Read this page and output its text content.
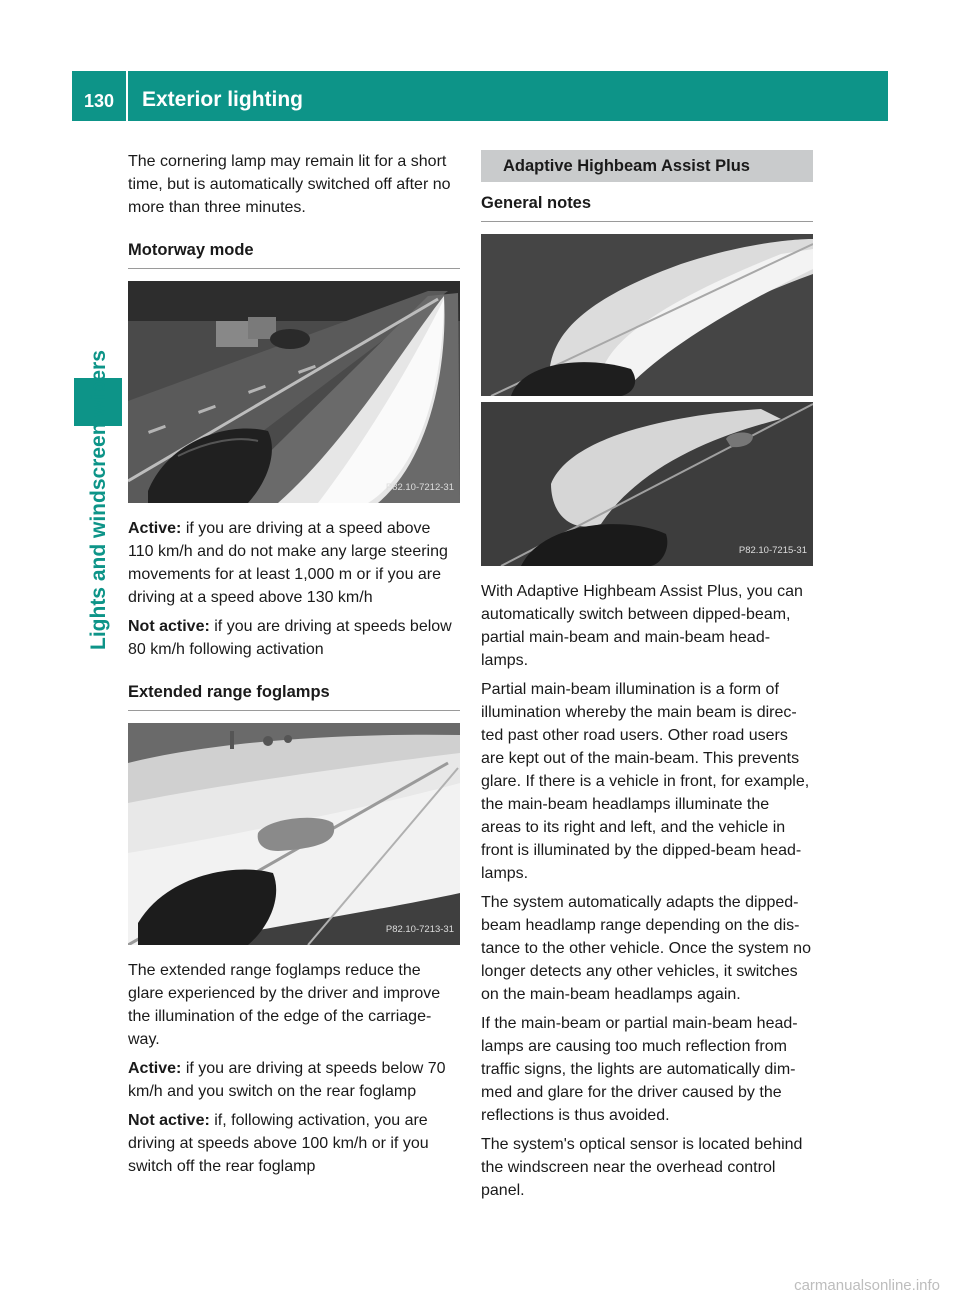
130	Exterior lighting
Lights and windscreen wipers

The cornering lamp may remain lit for a short time, but is automatically switched off after no more than three minutes.

Motorway mode
P82.10-7212-31

Active: if you are driving at a speed above 110 km/h and do not make any large steering movements for at least 1,000 m or if you are driving at a speed above 130 km/h

Not active: if you are driving at speeds below 80 km/h following activation

Extended range foglamps
P82.10-7213-31

The extended range foglamps reduce the glare experienced by the driver and improve the illumination of the edge of the carriage-way.

Active: if you are driving at speeds below 70 km/h and you switch on the rear foglamp

Not active: if, following activation, you are driving at speeds above 100 km/h or if you switch off the rear foglamp

Adaptive Highbeam Assist Plus
General notes
P82.10-7215-31

With Adaptive Highbeam Assist Plus, you can automatically switch between dipped-beam, partial main-beam and main-beam head-lamps.

Partial main-beam illumination is a form of illumination whereby the main beam is direc-ted past other road users. Other road users are kept out of the main-beam. This prevents glare. If there is a vehicle in front, for example, the main-beam headlamps illuminate the areas to its right and left, and the vehicle in front is illuminated by the dipped-beam head-lamps.

The system automatically adapts the dipped-beam headlamp range depending on the dis-tance to the other vehicle. Once the system no longer detects any other vehicles, it switches on the main-beam headlamps again.

If the main-beam or partial main-beam head-lamps are causing too much reflection from traffic signs, the lights are automatically dim-med and glare for the driver caused by the reflections is thus avoided.

The system's optical sensor is located behind the windscreen near the overhead control panel.

carmanualsonline.info
